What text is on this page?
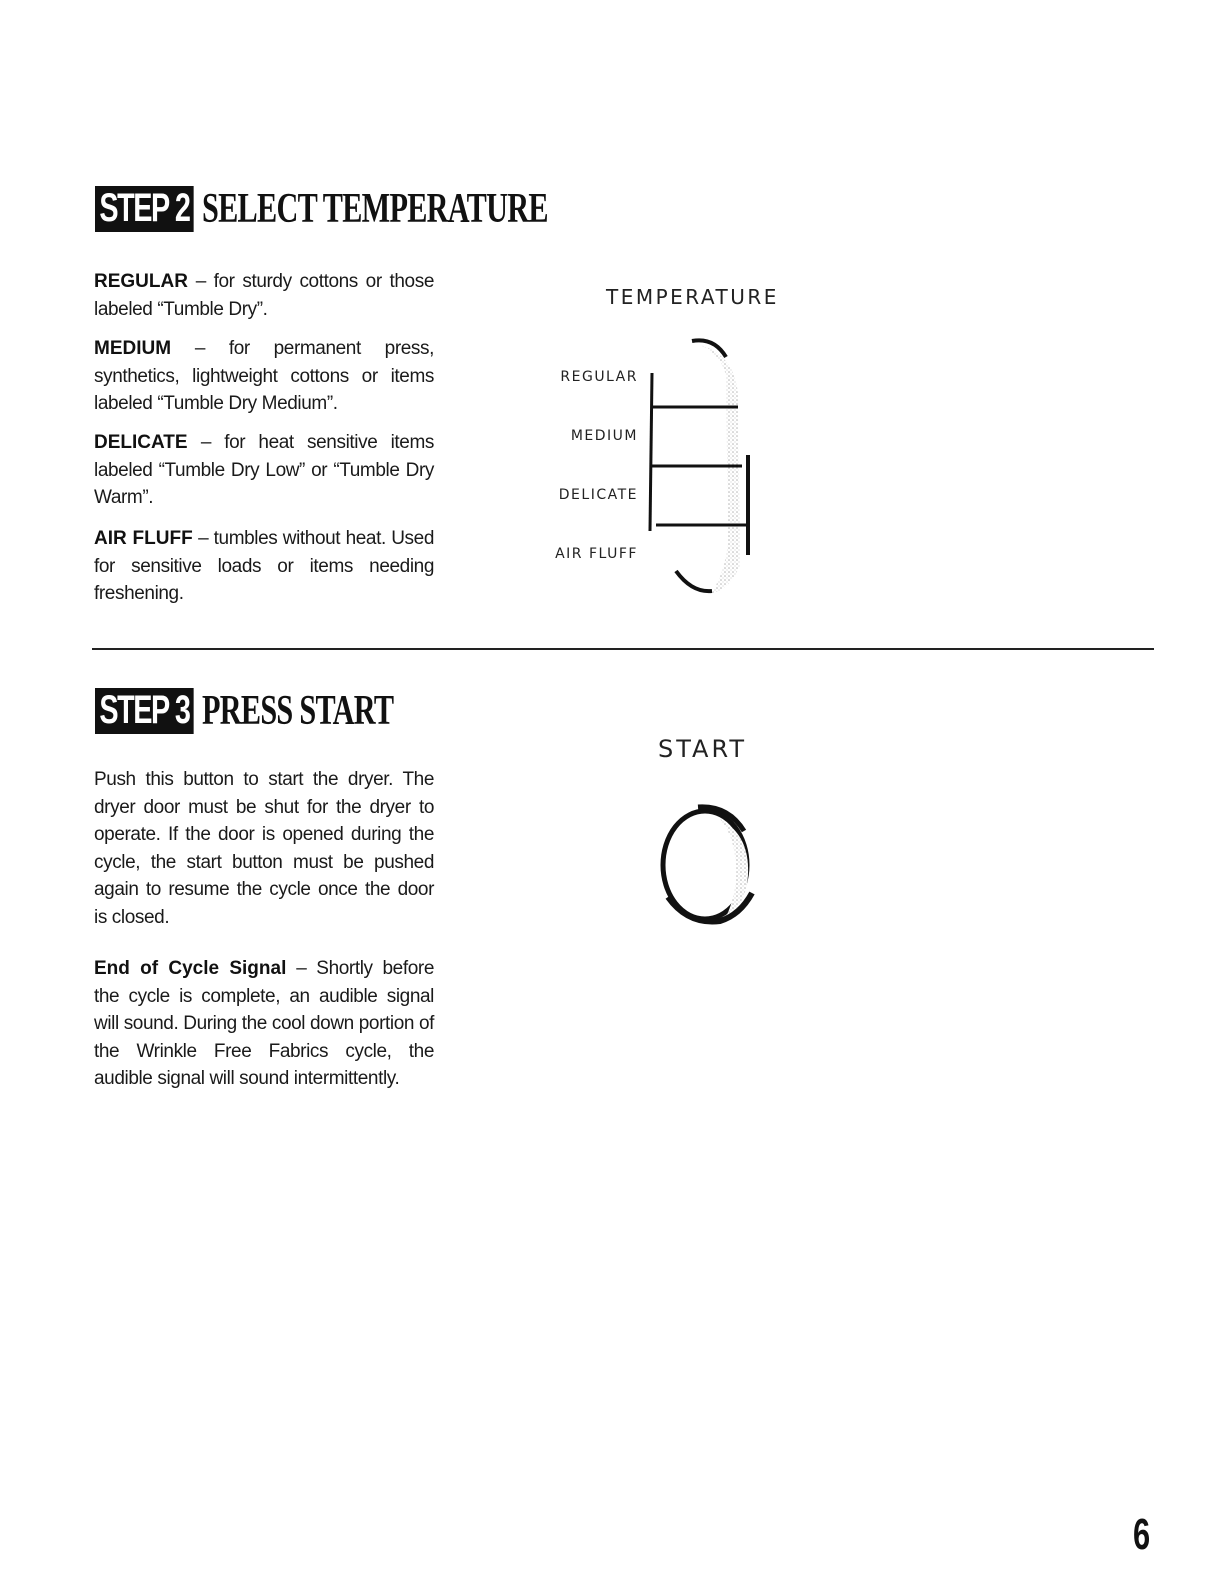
STEP 2 SELECT TEMPERATURE
REGULAR – for sturdy cottons or those labeled “Tumble Dry”.
MEDIUM – for permanent press, synthetics, lightweight cottons or items labeled “Tumble Dry Medium”.
DELICATE – for heat sensitive items labeled “Tumble Dry Low” or “Tumble Dry Warm”.
AIR FLUFF – tumbles without heat. Used for sensitive loads or items needing freshening.
TEMPERATURE
REGULAR
MEDIUM
DELICATE
AIR FLUFF
STEP 3 PRESS START
Push this button to start the dryer. The dryer door must be shut for the dryer to operate. If the door is opened during the cycle, the start button must be pushed again to resume the cycle once the door is closed.
End of Cycle Signal – Shortly before the cycle is complete, an audible signal will sound. During the cool down portion of the Wrinkle Free Fabrics cycle, the audible signal will sound intermittently.
START
6
